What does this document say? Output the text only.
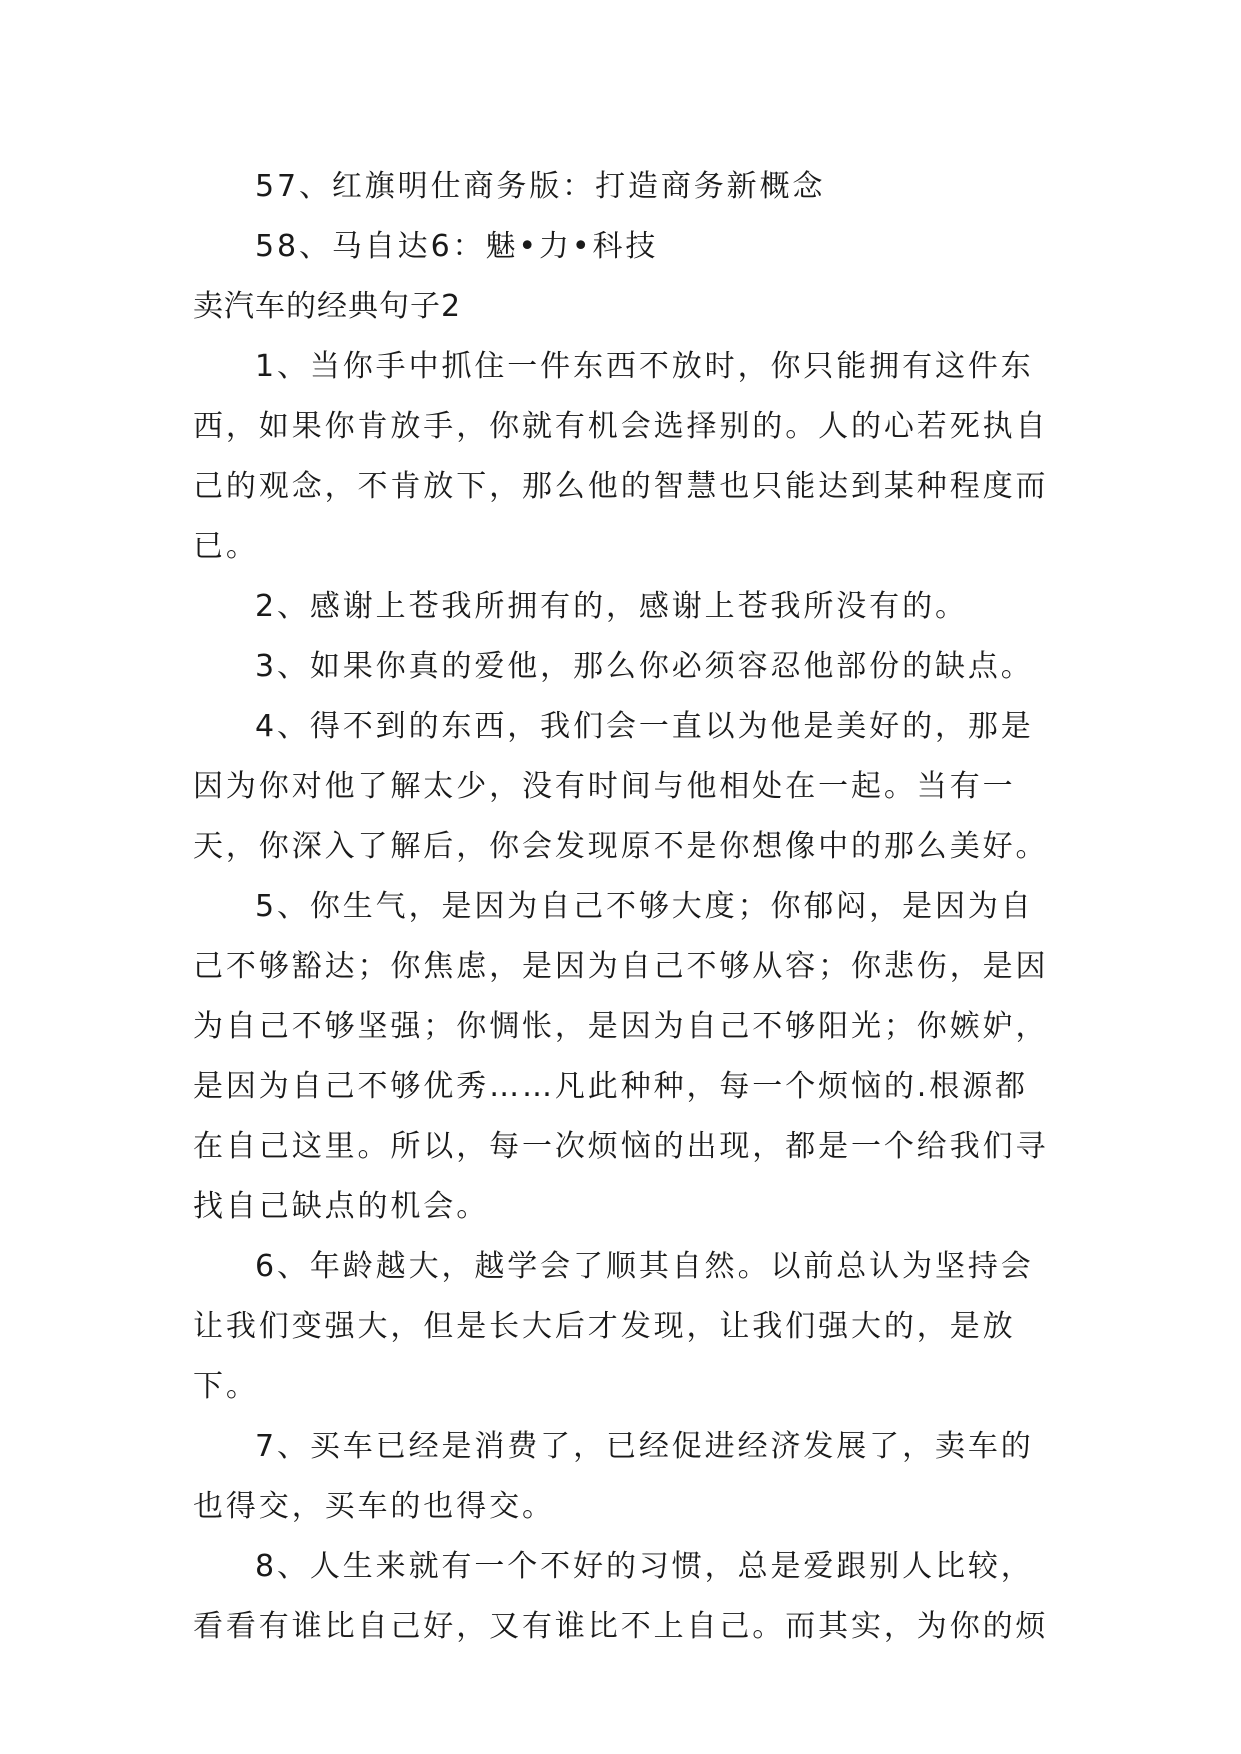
57、红旗明仕商务版：打造商务新概念

58、马自达6：魅•力•科技

卖汽车的经典句子2

1、当你手中抓住一件东西不放时，你只能拥有这件东西，如果你肯放手，你就有机会选择别的。人的心若死执自己的观念，不肯放下，那么他的智慧也只能达到某种程度而已。

2、感谢上苍我所拥有的，感谢上苍我所没有的。

3、如果你真的爱他，那么你必须容忍他部份的缺点。

4、得不到的东西，我们会一直以为他是美好的，那是因为你对他了解太少，没有时间与他相处在一起。当有一天，你深入了解后，你会发现原不是你想像中的那么美好。

5、你生气，是因为自己不够大度；你郁闷，是因为自己不够豁达；你焦虑，是因为自己不够从容；你悲伤，是因为自己不够坚强；你惆怅，是因为自己不够阳光；你嫉妒，是因为自己不够优秀……凡此种种，每一个烦恼的.根源都在自己这里。所以，每一次烦恼的出现，都是一个给我们寻找自己缺点的机会。

6、年龄越大，越学会了顺其自然。以前总认为坚持会让我们变强大，但是长大后才发现，让我们强大的，是放下。

7、买车已经是消费了，已经促进经济发展了，卖车的也得交，买车的也得交。

8、人生来就有一个不好的习惯，总是爱跟别人比较，看看有谁比自己好，又有谁比不上自己。而其实，为你的烦
